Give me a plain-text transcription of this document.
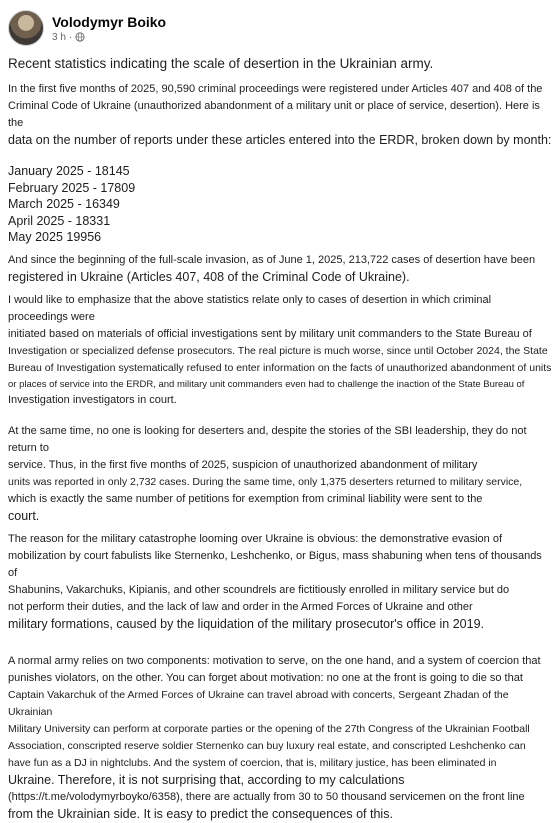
Volodymyr Boiko
3 h ·

Recent statistics indicating the scale of desertion in the Ukrainian army.

In the first five months of 2025, 90,590 criminal proceedings were registered under Articles 407 and 408 of the
Criminal Code of Ukraine (unauthorized abandonment of a military unit or place of service, desertion). Here is the
data on the number of reports under these articles entered into the ERDR, broken down by month:
January 2025 - 18145
February 2025 - 17809
March 2025 - 16349
April 2025 - 18331
May 2025 19956
And since the beginning of the full-scale invasion, as of June 1, 2025, 213,722 cases of desertion have been
registered in Ukraine (Articles 407, 408 of the Criminal Code of Ukraine).
I would like to emphasize that the above statistics relate only to cases of desertion in which criminal proceedings were
initiated based on materials of official investigations sent by military unit commanders to the State Bureau of
Investigation or specialized defense prosecutors. The real picture is much worse, since until October 2024, the State
Bureau of Investigation systematically refused to enter information on the facts of unauthorized abandonment of units
or places of service into the ERDR, and military unit commanders even had to challenge the inaction of the State Bureau of
Investigation investigators in court.
At the same time, no one is looking for deserters and, despite the stories of the SBI leadership, they do not return to
service. Thus, in the first five months of 2025, suspicion of unauthorized abandonment of military
units was reported in only 2,732 cases. During the same time, only 1,375 deserters returned to military service,
which is exactly the same number of petitions for exemption from criminal liability were sent to the
court.
The reason for the military catastrophe looming over Ukraine is obvious: the demonstrative evasion of
mobilization by court fabulists like Sternenko, Leshchenko, or Bigus, mass shabuning when tens of thousands of
Shabunins, Vakarchuks, Kipianis, and other scoundrels are fictitiously enrolled in military service but do
not perform their duties, and the lack of law and order in the Armed Forces of Ukraine and other
military formations, caused by the liquidation of the military prosecutor's office in 2019.
A normal army relies on two components: motivation to serve, on the one hand, and a system of coercion that
punishes violators, on the other. You can forget about motivation: no one at the front is going to die so that
Captain Vakarchuk of the Armed Forces of Ukraine can travel abroad with concerts, Sergeant Zhadan of the Ukrainian
Military University can perform at corporate parties or the opening of the 27th Congress of the Ukrainian Football
Association, conscripted reserve soldier Sternenko can buy luxury real estate, and conscripted Leshchenko can
have fun as a DJ in nightclubs. And the system of coercion, that is, military justice, has been eliminated in
Ukraine. Therefore, it is not surprising that, according to my calculations
(https://t.me/volodymyrboyko/6358), there are actually from 30 to 50 thousand servicemen on the front line
from the Ukrainian side. It is easy to predict the consequences of this.
